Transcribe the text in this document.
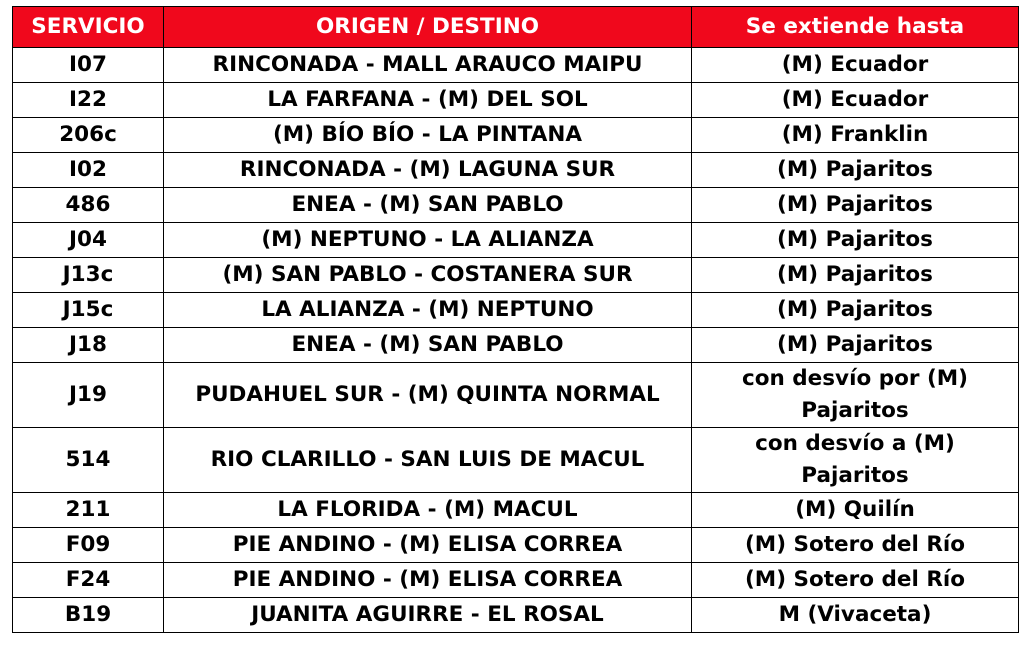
SERVICIO	ORIGEN / DESTINO	Se extiende hasta
I07	RINCONADA - MALL ARAUCO MAIPU	(M) Ecuador
I22	LA FARFANA - (M) DEL SOL	(M) Ecuador
206c	(M) BÍO BÍO - LA PINTANA	(M) Franklin
I02	RINCONADA - (M) LAGUNA SUR	(M) Pajaritos
486	ENEA - (M) SAN PABLO	(M) Pajaritos
J04	(M) NEPTUNO - LA ALIANZA	(M) Pajaritos
J13c	(M) SAN PABLO - COSTANERA SUR	(M) Pajaritos
J15c	LA ALIANZA - (M) NEPTUNO	(M) Pajaritos
J18	ENEA - (M) SAN PABLO	(M) Pajaritos
J19	PUDAHUEL SUR - (M) QUINTA NORMAL	con desvío por (M) Pajaritos
514	RIO CLARILLO - SAN LUIS DE MACUL	con desvío a (M) Pajaritos
211	LA FLORIDA - (M) MACUL	(M) Quilín
F09	PIE ANDINO - (M) ELISA CORREA	(M) Sotero del Río
F24	PIE ANDINO - (M) ELISA CORREA	(M) Sotero del Río
B19	JUANITA AGUIRRE - EL ROSAL	M (Vivaceta)
